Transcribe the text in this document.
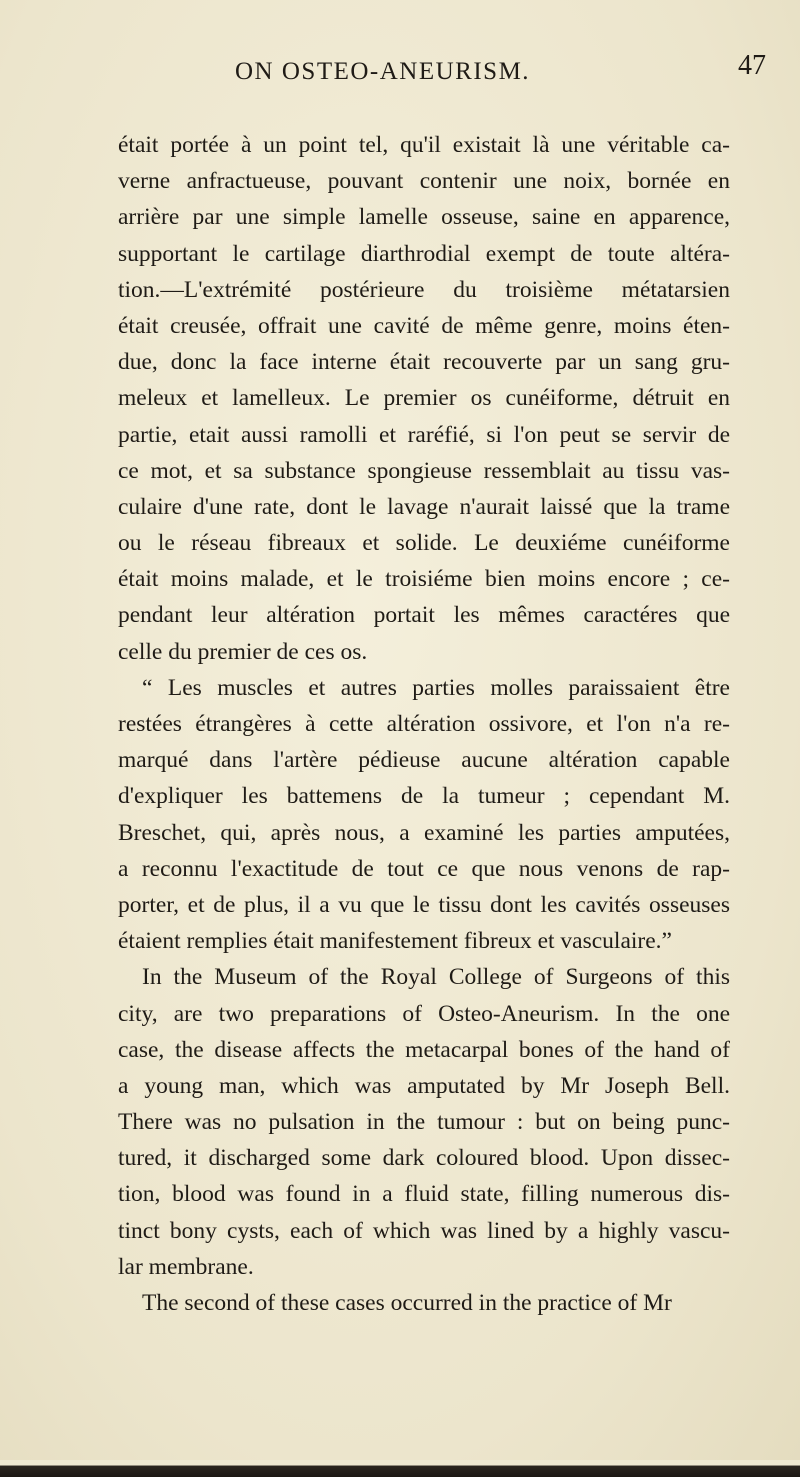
ON OSTEO-ANEURISM.	47
était portée à un point tel, qu'il existait là une véritable ca-
verne anfractueuse, pouvant contenir une noix, bornée en
arrière par une simple lamelle osseuse, saine en apparence,
supportant le cartilage diarthrodial exempt de toute altéra-
tion.—L'extrémité postérieure du troisième métatarsien
était creusée, offrait une cavité de même genre, moins éten-
due, donc la face interne était recouverte par un sang gru-
meleux et lamelleux. Le premier os cunéiforme, détruit en
partie, etait aussi ramolli et raréfié, si l'on peut se servir de
ce mot, et sa substance spongieuse ressemblait au tissu vas-
culaire d'une rate, dont le lavage n'aurait laissé que la trame
ou le réseau fibreaux et solide. Le deuxiéme cunéiforme
était moins malade, et le troisiéme bien moins encore ; ce-
pendant leur altération portait les mêmes caractéres que
celle du premier de ces os.
“ Les muscles et autres parties molles paraissaient être
restées étrangères à cette altération ossivore, et l'on n'a re-
marqué dans l'artère pédieuse aucune altération capable
d'expliquer les battemens de la tumeur ; cependant M.
Breschet, qui, après nous, a examiné les parties amputées,
a reconnu l'exactitude de tout ce que nous venons de rap-
porter, et de plus, il a vu que le tissu dont les cavités osseuses
étaient remplies était manifestement fibreux et vasculaire.”
In the Museum of the Royal College of Surgeons of this
city, are two preparations of Osteo-Aneurism. In the one
case, the disease affects the metacarpal bones of the hand of
a young man, which was amputated by Mr Joseph Bell.
There was no pulsation in the tumour : but on being punc-
tured, it discharged some dark coloured blood. Upon dissec-
tion, blood was found in a fluid state, filling numerous dis-
tinct bony cysts, each of which was lined by a highly vascu-
lar membrane.
The second of these cases occurred in the practice of Mr
